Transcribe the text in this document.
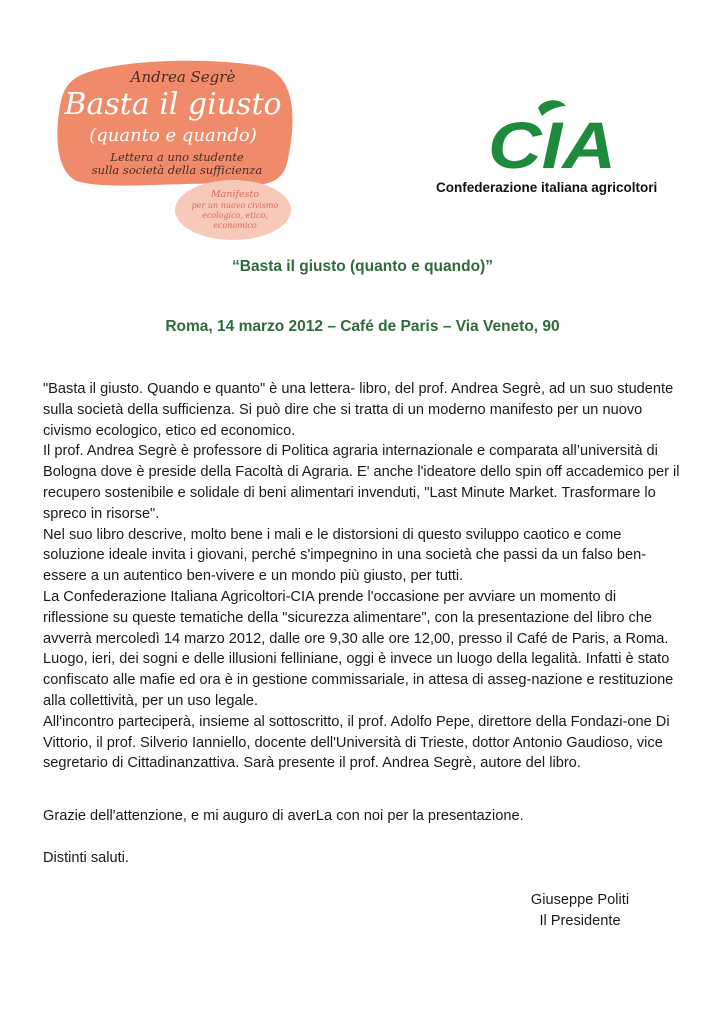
Andrea Segrè
Basta il giusto
(quanto e quando)
Lettera a uno studente
sulla società della sufficienza
Manifesto
per un nuovo civismo
ecologico, etico,
economico
CIA
Confederazione italiana agricoltori
“Basta il giusto (quanto e quando)”
Roma, 14 marzo 2012 – Café de Paris – Via Veneto, 90

"Basta il giusto. Quando e quanto" è una lettera- libro, del prof. Andrea Segrè, ad un suo studente sulla società della sufficienza. Si può dire che si tratta di un moderno manifesto per un nuovo civismo ecologico, etico ed economico.

Il prof. Andrea Segrè è professore di Politica agraria internazionale e comparata all’università di Bologna dove è preside della Facoltà di Agraria. E' anche l'ideatore dello spin off accademico per il recupero sostenibile e solidale di beni alimentari invenduti, "Last Minute Market. Trasformare lo spreco in risorse".

Nel suo libro descrive, molto bene i mali e le distorsioni di questo sviluppo caotico e come soluzione ideale invita i giovani, perché s'impegnino in una società che passi da un falso ben-essere a un autentico ben-vivere e un mondo più giusto, per tutti.

La Confederazione Italiana Agricoltori-CIA prende l'occasione per avviare un momento di riflessione su queste tematiche della "sicurezza alimentare", con la presentazione del libro che avverrà mercoledì 14 marzo 2012, dalle ore 9,30 alle ore 12,00, presso il Café de Paris, a Roma. Luogo, ieri, dei sogni e delle illusioni felliniane, oggi è invece un luogo della legalità. Infatti è stato confiscato alle mafie ed ora è in gestione commissariale, in attesa di asseg-nazione e restituzione alla collettività, per un uso legale.

All'incontro parteciperà, insieme al sottoscritto, il prof. Adolfo Pepe, direttore della Fondazi-one Di Vittorio, il prof. Silverio Ianniello, docente dell'Università di Trieste, dottor Antonio Gaudioso, vice segretario di Cittadinanzattiva. Sarà presente il prof. Andrea Segrè, autore del libro.

Grazie dell'attenzione, e mi auguro di averLa con noi per la presentazione.
Distinti saluti.
Giuseppe Politi
Il Presidente
